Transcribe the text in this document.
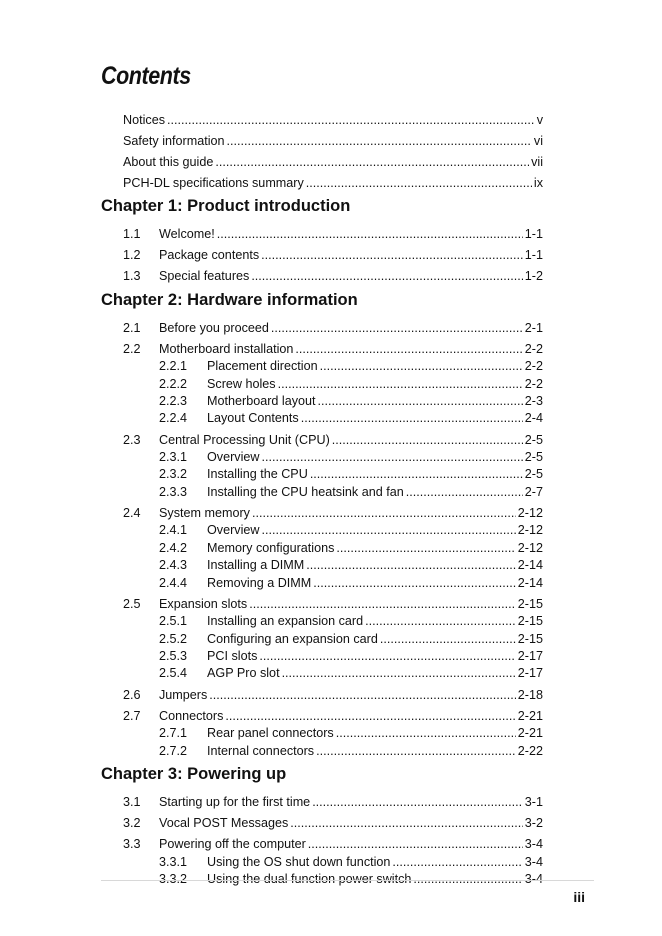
Contents
Notices .....	v
Safety information .....	vi
About this guide .....	vii
PCH-DL specifications summary .....	ix
Chapter 1: Product introduction
1.1 Welcome! .....	1-1
1.2 Package contents .....	1-1
1.3 Special features .....	1-2
Chapter 2: Hardware information
2.1 Before you proceed .....	2-1
2.2 Motherboard installation .....	2-2
2.2.1 Placement direction .....	2-2
2.2.2 Screw holes .....	2-2
2.2.3 Motherboard layout .....	2-3
2.2.4 Layout Contents .....	2-4
2.3 Central Processing Unit (CPU) .....	2-5
2.3.1 Overview .....	2-5
2.3.2 Installing the CPU .....	2-5
2.3.3 Installing the CPU heatsink and fan .....	2-7
2.4 System memory .....	2-12
2.4.1 Overview .....	2-12
2.4.2 Memory configurations .....	2-12
2.4.3 Installing a DIMM .....	2-14
2.4.4 Removing a DIMM .....	2-14
2.5 Expansion slots .....	2-15
2.5.1 Installing an expansion card .....	2-15
2.5.2 Configuring an expansion card .....	2-15
2.5.3 PCI slots .....	2-17
2.5.4 AGP Pro slot .....	2-17
2.6 Jumpers .....	2-18
2.7 Connectors .....	2-21
2.7.1 Rear panel connectors .....	2-21
2.7.2 Internal connectors .....	2-22
Chapter 3: Powering up
3.1 Starting up for the first time .....	3-1
3.2 Vocal POST Messages .....	3-2
3.3 Powering off the computer .....	3-4
3.3.1 Using the OS shut down function .....	3-4
3.3.2 Using the dual function power switch .....	3-4
iii
